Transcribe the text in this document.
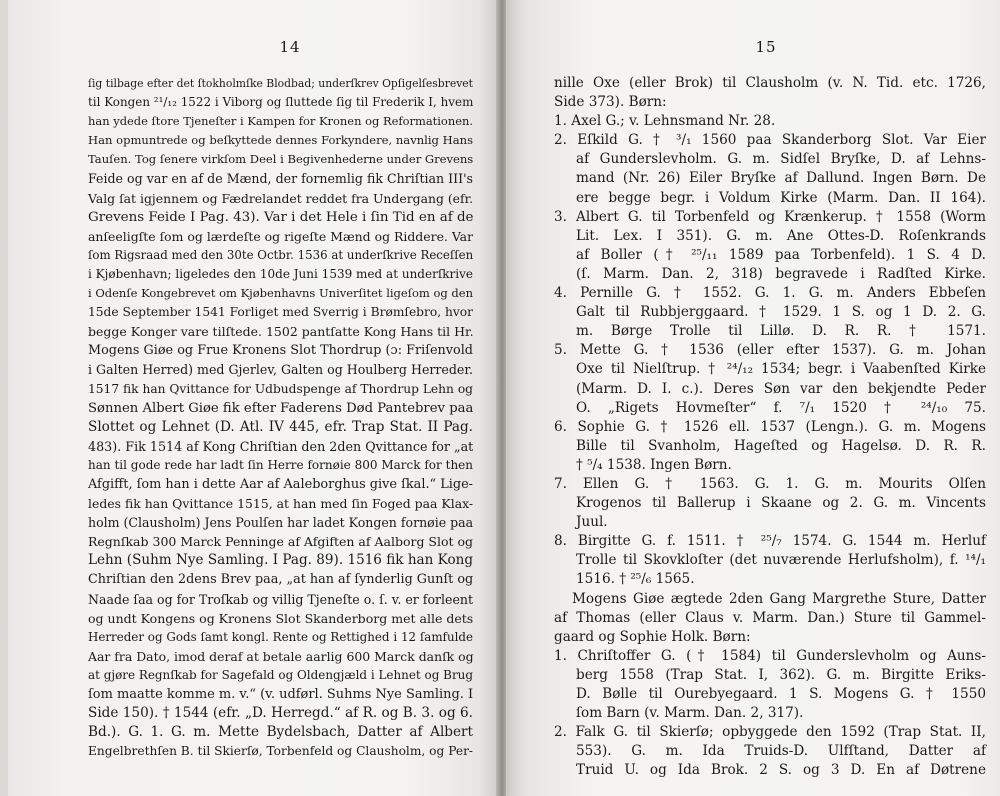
14
ſig tilbage efter det ſtokholmſke Blodbad; underſkrev Opſigelſesbrevet
til Kongen ²¹/₁₂ 1522 i Viborg og ſluttede ſig til Frederik I, hvem
han ydede ſtore Tjeneſter i Kampen for Kronen og Reformationen.
Han opmuntrede og beſkyttede dennes Forkyndere, navnlig Hans
Tauſen. Tog ſenere virkſom Deel i Begivenhederne under Grevens
Feide og var en af de Mænd, der fornemlig fik Chriſtian III's
Valg ſat igjennem og Fædrelandet reddet fra Undergang (efr.
Grevens Feide I Pag. 43). Var i det Hele i ſin Tid en af de
anſeeligſte ſom og lærdeſte og rigeſte Mænd og Riddere. Var
ſom Rigsraad med den 30te Octbr. 1536 at underſkrive Receſſen
i Kjøbenhavn; ligeledes den 10de Juni 1539 med at underſkrive
i Odenſe Kongebrevet om Kjøbenhavns Univerſitet ligeſom og den
15de September 1541 Forliget med Sverrig i Brømſebro, hvor
begge Konger vare tilſtede. 1502 pantſatte Kong Hans til Hr.
Mogens Giøe og Frue Kronens Slot Thordrup (ɔ: Friſenvold
i Galten Herred) med Gjerlev, Galten og Houlberg Herreder.
1517 fik han Qvittance for Udbudspenge af Thordrup Lehn og
Sønnen Albert Giøe fik efter Faderens Død Pantebrev paa
Slottet og Lehnet (D. Atl. IV 445, efr. Trap Stat. II Pag.
483). Fik 1514 af Kong Chriſtian den 2den Qvittance for „at
han til gode rede har ladt ſin Herre fornøie 800 Marck for then
Afgifft, ſom han i dette Aar af Aaleborghus give ſkal.“ Lige-
ledes fik han Qvittance 1515, at han med ſin Foged paa Klax-
holm (Clausholm) Jens Poulſen har ladet Kongen fornøie paa
Regnſkab 300 Marck Penninge af Afgiften af Aalborg Slot og
Lehn (Suhm Nye Samling. I Pag. 89). 1516 fik han Kong
Chriſtian den 2dens Brev paa, „at han af ſynderlig Gunſt og
Naade ſaa og for Troſkab og villig Tjeneſte o. ſ. v. er forleent
og undt Kongens og Kronens Slot Skanderborg met alle dets
Herreder og Gods ſamt kongl. Rente og Rettighed i 12 ſamfulde
Aar fra Dato, imod deraf at betale aarlig 600 Marck danſk og
at gjøre Regnſkab for Sagefald og Oldengjæld i Lehnet og Brug
ſom maatte komme m. v.“ (v. udførl. Suhms Nye Samling. I
Side 150). † 1544 (efr. „D. Herregd.“ af R. og B. 3. og 6.
Bd.). G. 1. G. m. Mette Bydelsbach, Datter af Albert
Engelbrethſen B. til Skierſø, Torbenfeld og Clausholm, og Per-
15
nille Oxe (eller Brok) til Clausholm (v. N. Tid. etc. 1726,
Side 373). Børn:
1. Axel G.; v. Lehnsmand Nr. 28.
2. Eſkild G. † ³/₁ 1560 paa Skanderborg Slot. Var Eier
af Gunderslevholm. G. m. Sidſel Bryſke, D. af Lehns-
mand (Nr. 26) Eiler Bryſke af Dallund. Ingen Børn. De
ere begge begr. i Voldum Kirke (Marm. Dan. II 164).
3. Albert G. til Torbenfeld og Krænkerup. † 1558 (Worm
Lit. Lex. I 351). G. m. Ane Ottes-D. Roſenkrands
af Boller († ²⁵/₁₁ 1589 paa Torbenfeld). 1 S. 4 D.
(ſ. Marm. Dan. 2, 318) begravede i Radſted Kirke.
4. Pernille G. † 1552. G. 1. G. m. Anders Ebbeſen
Galt til Rubbjerggaard. † 1529. 1 S. og 1 D. 2. G.
m. Børge Trolle til Lillø. D. R. R. † 1571.
5. Mette G. † 1536 (eller efter 1537). G. m. Johan
Oxe til Nielſtrup. † ²⁴/₁₂ 1534; begr. i Vaabenſted Kirke
(Marm. D. I. c.). Deres Søn var den bekjendte Peder
O. „Rigets Hovmeſter“ f. ⁷/₁ 1520 † ²⁴/₁₀ 75.
6. Sophie G. † 1526 ell. 1537 (Lengn.). G. m. Mogens
Bille til Svanholm, Hageſted og Hagelsø. D. R. R.
† ⁵/₄ 1538. Ingen Børn.
7. Ellen G. † 1563. G. 1. G. m. Mourits Olſen
Krogenos til Ballerup i Skaane og 2. G. m. Vincents
Juul.
8. Birgitte G. f. 1511. † ²⁵/₇ 1574. G. 1544 m. Herluf
Trolle til Skovkloſter (det nuværende Herlufsholm), f. ¹⁴/₁
1516. † ²⁵/₆ 1565.
Mogens Giøe ægtede 2den Gang Margrethe Sture, Datter
af Thomas (eller Claus v. Marm. Dan.) Sture til Gammel-
gaard og Sophie Holk. Børn:
1. Chriſtoffer G. († 1584) til Gunderslevholm og Auns-
berg 1558 (Trap Stat. I, 362). G. m. Birgitte Eriks-
D. Bølle til Ourebyegaard. 1 S. Mogens G. † 1550
ſom Barn (v. Marm. Dan. 2, 317).
2. Falk G. til Skierſø; opbyggede den 1592 (Trap Stat. II,
553). G. m. Ida Truids-D. Ulfſtand, Datter af
Truid U. og Ida Brok. 2 S. og 3 D. En af Døtrene
